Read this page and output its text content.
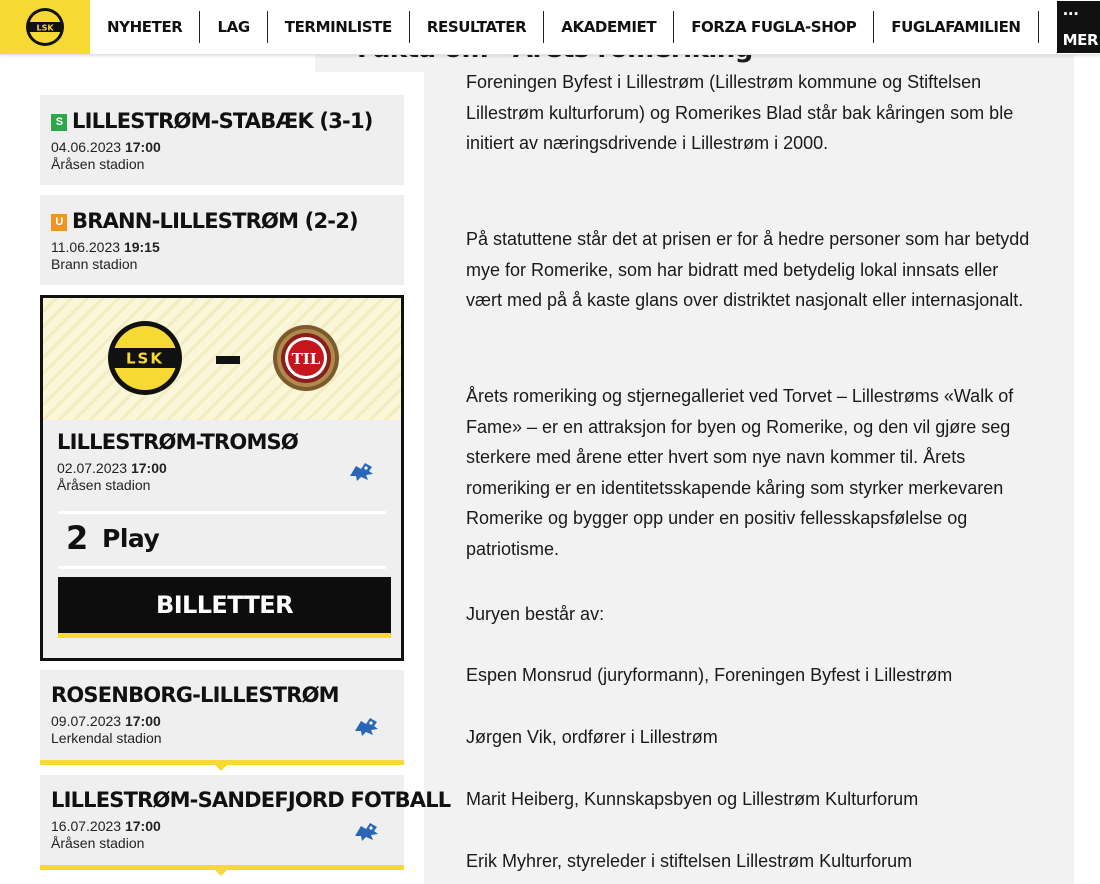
Foreningen Byfest i Lillestrøm (Lillestrøm kommune og Stiftelsen Lillestrøm kulturforum) og Romerikes Blad står bak kåringen som ble initiert av næringsdrivende i Lillestrøm i 2000.

På statuttene står det at prisen er for å hedre personer som har betydd mye for Romerike, som har bidratt med betydelig lokal innsats eller vært med på å kaste glans over distriktet nasjonalt eller internasjonalt.

Årets romeriking og stjernegalleriet ved Torvet – Lillestrøms «Walk of Fame» – er en attraksjon for byen og Romerike, og den vil gjøre seg sterkere med årene etter hvert som nye navn kommer til. Årets romeriking er en identitetsskapende kåring som styrker merkevaren Romerike og bygger opp under en positiv fellesskapsfølelse og patriotisme.

Juryen består av:

Espen Monsrud (juryformann), Foreningen Byfest i Lillestrøm

Jørgen Vik, ordfører i Lillestrøm

Marit Heiberg, Kunnskapsbyen og Lillestrøm Kulturforum

Erik Myhrer, styreleder i stiftelsen Lillestrøm Kulturforum

LSK	NYHETER	LAG	TERMINLISTE	RESULTATER	AKADEMIET	FORZA FUGLA-SHOP	FUGLAFAMILIEN
··· MER
S LILLESTRØM-STABÆK (3-1)
04.06.2023 17:00
Åråsen stadion
U BRANN-LILLESTRØM (2-2)
11.06.2023 19:15
Brann stadion
LSK	TIL
LILLESTRØM-TROMSØ
02.07.2023 17:00
Åråsen stadion
2 Play
BILLETTER
ROSENBORG-LILLESTRØM
09.07.2023 17:00
Lerkendal stadion
LILLESTRØM-SANDEFJORD FOTBALL
16.07.2023 17:00
Åråsen stadion
